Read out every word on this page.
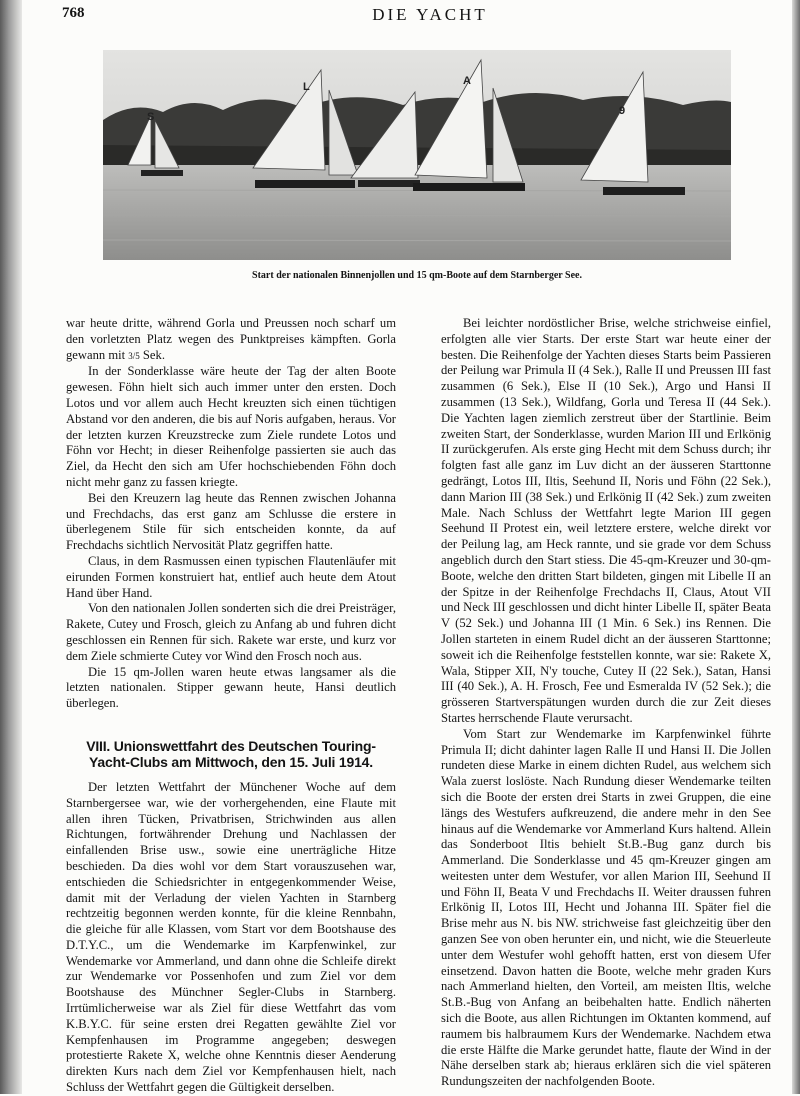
768	DIE YACHT
S
L	A
9
Start der nationalen Binnenjollen und 15 qm-Boote auf dem Starnberger See.

war heute dritte, während Gorla und Preussen noch scharf um den vorletzten Platz wegen des Punktpreises kämpften. Gorla gewann mit 3/5 Sek.

In der Sonderklasse wäre heute der Tag der alten Boote gewesen. Föhn hielt sich auch immer unter den ersten. Doch Lotos und vor allem auch Hecht kreuzten sich einen tüchtigen Abstand vor den anderen, die bis auf Noris aufgaben, heraus. Vor der letzten kurzen Kreuzstrecke zum Ziele rundete Lotos und Föhn vor Hecht; in dieser Reihenfolge passierten sie auch das Ziel, da Hecht den sich am Ufer hochschiebenden Föhn doch nicht mehr ganz zu fassen kriegte.

Bei den Kreuzern lag heute das Rennen zwischen Johanna und Frechdachs, das erst ganz am Schlusse die erstere in überlegenem Stile für sich entscheiden konnte, da auf Frechdachs sichtlich Nervosität Platz gegriffen hatte.

Claus, in dem Rasmussen einen typischen Flautenläufer mit eirunden Formen konstruiert hat, entlief auch heute dem Atout Hand über Hand.

Von den nationalen Jollen sonderten sich die drei Preisträger, Rakete, Cutey und Frosch, gleich zu Anfang ab und fuhren dicht geschlossen ein Rennen für sich. Rakete war erste, und kurz vor dem Ziele schmierte Cutey vor Wind den Frosch noch aus.

Die 15 qm-Jollen waren heute etwas langsamer als die letzten nationalen. Stipper gewann heute, Hansi deutlich überlegen.

VIII. Unionswettfahrt des Deutschen Touring-Yacht-Clubs am Mittwoch, den 15. Juli 1914.

Der letzten Wettfahrt der Münchener Woche auf dem Starnbergersee war, wie der vorhergehenden, eine Flaute mit allen ihren Tücken, Privatbrisen, Strichwinden aus allen Richtungen, fortwährender Drehung und Nachlassen der einfallenden Brise usw., sowie eine unerträgliche Hitze beschieden. Da dies wohl vor dem Start vorauszusehen war, entschieden die Schiedsrichter in entgegenkommender Weise, damit mit der Verladung der vielen Yachten in Starnberg rechtzeitig begonnen werden konnte, für die kleine Rennbahn, die gleiche für alle Klassen, vom Start vor dem Bootshause des D.T.Y.C., um die Wendemarke im Karpfenwinkel, zur Wendemarke vor Ammerland, und dann ohne die Schleife direkt zur Wendemarke vor Possenhofen und zum Ziel vor dem Bootshause des Münchner Segler-Clubs in Starnberg. Irrtümlicherweise war als Ziel für diese Wettfahrt das vom K.B.Y.C. für seine ersten drei Regatten gewählte Ziel vor Kempfenhausen im Programme angegeben; deswegen protestierte Rakete X, welche ohne Kenntnis dieser Aenderung direkten Kurs nach dem Ziel vor Kempfenhausen hielt, nach Schluss der Wettfahrt gegen die Gültigkeit derselben.

Bei leichter nordöstlicher Brise, welche strichweise einfiel, erfolgten alle vier Starts. Der erste Start war heute einer der besten. Die Reihenfolge der Yachten dieses Starts beim Passieren der Peilung war Primula II (4 Sek.), Ralle II und Preussen III fast zusammen (6 Sek.), Else II (10 Sek.), Argo und Hansi II zusammen (13 Sek.), Wildfang, Gorla und Teresa II (44 Sek.). Die Yachten lagen ziemlich zerstreut über der Startlinie. Beim zweiten Start, der Sonderklasse, wurden Marion III und Erlkönig II zurückgerufen. Als erste ging Hecht mit dem Schuss durch; ihr folgten fast alle ganz im Luv dicht an der äusseren Starttonne gedrängt, Lotos III, Iltis, Seehund II, Noris und Föhn (22 Sek.), dann Marion III (38 Sek.) und Erlkönig II (42 Sek.) zum zweiten Male. Nach Schluss der Wettfahrt legte Marion III gegen Seehund II Protest ein, weil letztere erstere, welche direkt vor der Peilung lag, am Heck rannte, und sie grade vor dem Schuss angeblich durch den Start stiess. Die 45-qm-Kreuzer und 30-qm-Boote, welche den dritten Start bildeten, gingen mit Libelle II an der Spitze in der Reihenfolge Frechdachs II, Claus, Atout VII und Neck III geschlossen und dicht hinter Libelle II, später Beata V (52 Sek.) und Johanna III (1 Min. 6 Sek.) ins Rennen. Die Jollen starteten in einem Rudel dicht an der äusseren Starttonne; soweit ich die Reihenfolge feststellen konnte, war sie: Rakete X, Wala, Stipper XII, N'y touche, Cutey II (22 Sek.), Satan, Hansi III (40 Sek.), A. H. Frosch, Fee und Esmeralda IV (52 Sek.); die grösseren Startverspätungen wurden durch die zur Zeit dieses Startes herrschende Flaute verursacht.

Vom Start zur Wendemarke im Karpfenwinkel führte Primula II; dicht dahinter lagen Ralle II und Hansi II. Die Jollen rundeten diese Marke in einem dichten Rudel, aus welchem sich Wala zuerst loslöste. Nach Rundung dieser Wendemarke teilten sich die Boote der ersten drei Starts in zwei Gruppen, die eine längs des Westufers aufkreuzend, die andere mehr in den See hinaus auf die Wendemarke vor Ammerland Kurs haltend. Allein das Sonderboot Iltis behielt St.B.-Bug ganz durch bis Ammerland. Die Sonderklasse und 45 qm-Kreuzer gingen am weitesten unter dem Westufer, vor allen Marion III, Seehund II und Föhn II, Beata V und Frechdachs II. Weiter draussen fuhren Erlkönig II, Lotos III, Hecht und Johanna III. Später fiel die Brise mehr aus N. bis NW. strichweise fast gleichzeitig über den ganzen See von oben herunter ein, und nicht, wie die Steuerleute unter dem Westufer wohl gehofft hatten, erst von diesem Ufer einsetzend. Davon hatten die Boote, welche mehr graden Kurs nach Ammerland hielten, den Vorteil, am meisten Iltis, welche St.B.-Bug von Anfang an beibehalten hatte. Endlich näherten sich die Boote, aus allen Richtungen im Oktanten kommend, auf raumem bis halbraumem Kurs der Wendemarke. Nachdem etwa die erste Hälfte die Marke gerundet hatte, flaute der Wind in der Nähe derselben stark ab; hieraus erklären sich die viel späteren Rundungszeiten der nachfolgenden Boote.
